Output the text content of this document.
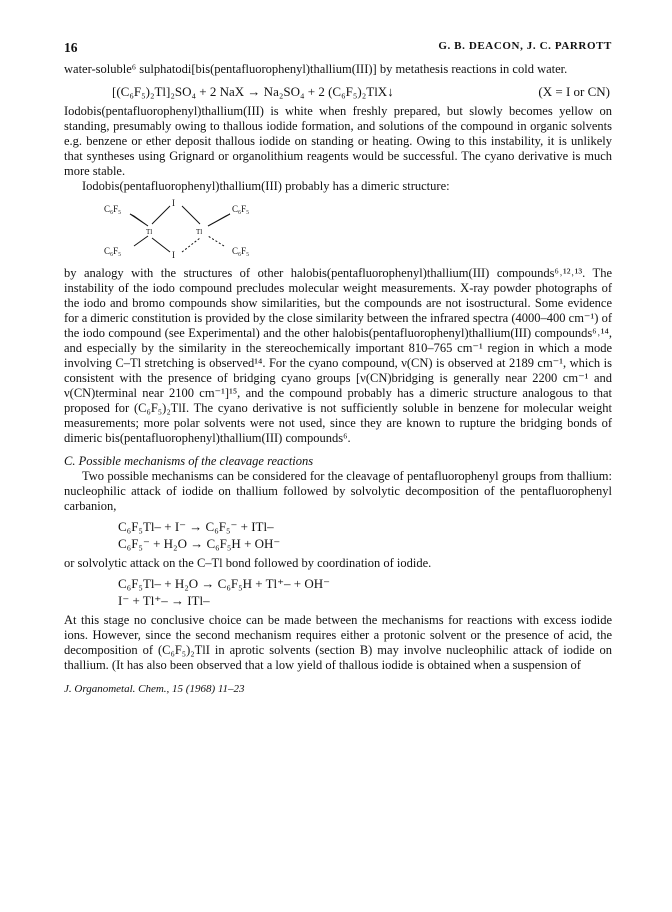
16	G. B. DEACON, J. C. PARROTT

water-soluble⁶ sulphatodi[bis(pentafluorophenyl)thallium(III)] by metathesis reactions in cold water.

[(C₆F₅)₂Tl]₂SO₄ + 2 NaX → Na₂SO₄ + 2 (C₆F₅)₂TlX↓	(X = I or CN)

Iodobis(pentafluorophenyl)thallium(III) is white when freshly prepared, but slowly becomes yellow on standing, presumably owing to thallous iodide formation, and solutions of the compound in organic solvents e.g. benzene or ether deposit thallous iodide on standing or heating. Owing to this instability, it is unlikely that syntheses using Grignard or organolithium reagents would be successful. The cyano derivative is much more stable.

Iodobis(pentafluorophenyl)thallium(III) probably has a dimeric structure:

C₆F₅
C₆F₅
C₆F₅
C₆F₅
I
I
Tl	Tl

by analogy with the structures of other halobis(pentafluorophenyl)thallium(III) compounds⁶˒¹²˒¹³. The instability of the iodo compound precludes molecular weight measurements. X-ray powder photographs of the iodo and bromo compounds show similarities, but the compounds are not isostructural. Some evidence for a dimeric constitution is provided by the close similarity between the infrared spectra (4000–400 cm⁻¹) of the iodo compound (see Experimental) and the other halobis(pentafluorophenyl)thallium(III) compounds⁶˒¹⁴, and especially by the similarity in the stereochemically important 810–765 cm⁻¹ region in which a mode involving C–Tl stretching is observed¹⁴. For the cyano compound, ν(CN) is observed at 2189 cm⁻¹, which is consistent with the presence of bridging cyano groups [ν(CN)bridging is generally near 2200 cm⁻¹ and ν(CN)terminal near 2100 cm⁻¹]¹⁵, and the compound probably has a dimeric structure analogous to that proposed for (C₆F₅)₂TlI. The cyano derivative is not sufficiently soluble in benzene for molecular weight measurements; more polar solvents were not used, since they are known to rupture the bridging bonds of dimeric bis(pentafluorophenyl)thallium(III) compounds⁶.

C. Possible mechanisms of the cleavage reactions

Two possible mechanisms can be considered for the cleavage of pentafluorophenyl groups from thallium: nucleophilic attack of iodide on thallium followed by solvolytic decomposition of the pentafluorophenyl carbanion,

C₆F₅Tl– + I⁻ → C₆F₅⁻ + ITl–
C₆F₅⁻ + H₂O → C₆F₅H + OH⁻

or solvolytic attack on the C–Tl bond followed by coordination of iodide.

C₆F₅Tl– + H₂O → C₆F₅H + Tl⁺– + OH⁻
I⁻ + Tl⁺– → ITl–

At this stage no conclusive choice can be made between the mechanisms for reactions with excess iodide ions. However, since the second mechanism requires either a protonic solvent or the presence of acid, the decomposition of (C₆F₅)₂TlI in aprotic solvents (section B) may involve nucleophilic attack of iodide on thallium. (It has also been observed that a low yield of thallous iodide is obtained when a suspension of

J. Organometal. Chem., 15 (1968) 11–23
